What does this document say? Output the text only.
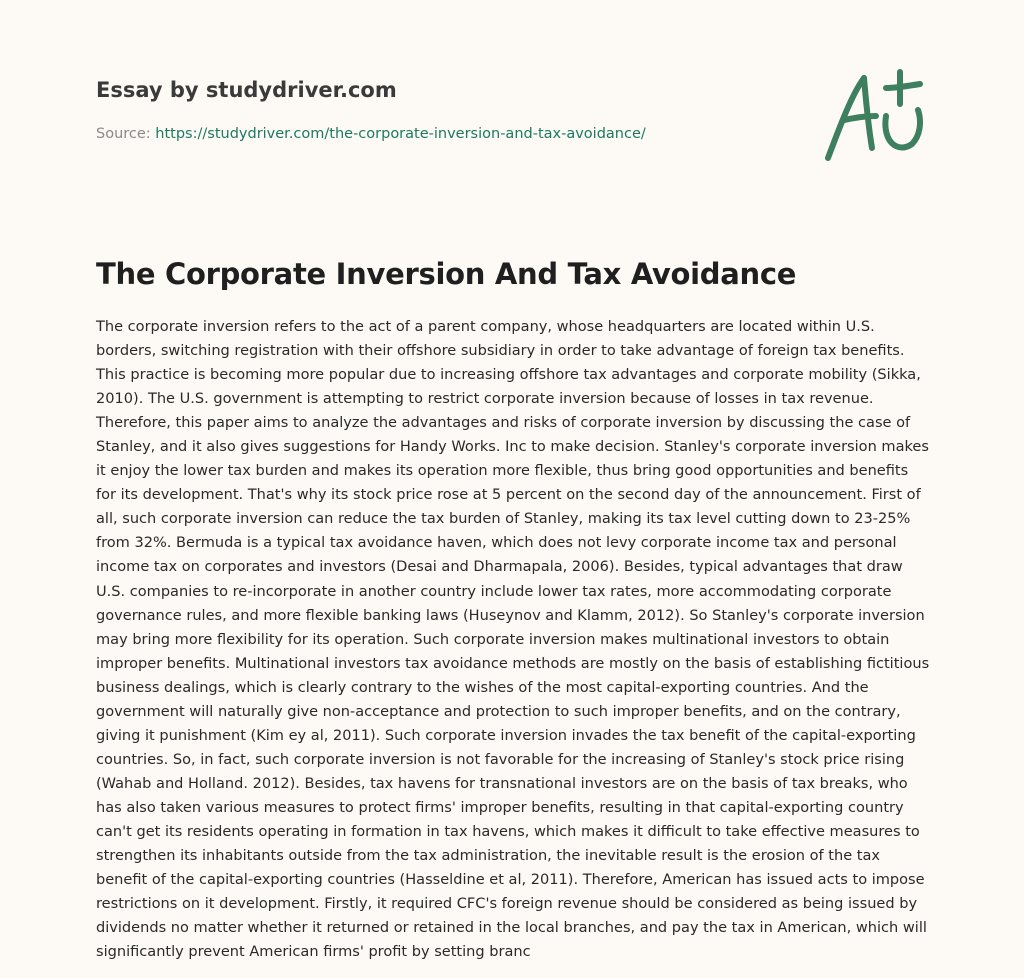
Essay by studydriver.com
Source: https://studydriver.com/the-corporate-inversion-and-tax-avoidance/
The Corporate Inversion And Tax Avoidance

The corporate inversion refers to the act of a parent company, whose headquarters are located within U.S. borders, switching registration with their offshore subsidiary in order to take advantage of foreign tax benefits. This practice is becoming more popular due to increasing offshore tax advantages and corporate mobility (Sikka, 2010). The U.S. government is attempting to restrict corporate inversion because of losses in tax revenue. Therefore, this paper aims to analyze the advantages and risks of corporate inversion by discussing the case of Stanley, and it also gives suggestions for Handy Works. Inc to make decision. Stanley's corporate inversion makes it enjoy the lower tax burden and makes its operation more flexible, thus bring good opportunities and benefits for its development. That's why its stock price rose at 5 percent on the second day of the announcement. First of all, such corporate inversion can reduce the tax burden of Stanley, making its tax level cutting down to 23-25% from 32%. Bermuda is a typical tax avoidance haven, which does not levy corporate income tax and personal income tax on corporates and investors (Desai and Dharmapala, 2006). Besides, typical advantages that draw U.S. companies to re-incorporate in another country include lower tax rates, more accommodating corporate governance rules, and more flexible banking laws (Huseynov and Klamm, 2012). So Stanley's corporate inversion may bring more flexibility for its operation. Such corporate inversion makes multinational investors to obtain improper benefits. Multinational investors tax avoidance methods are mostly on the basis of establishing fictitious business dealings, which is clearly contrary to the wishes of the most capital-exporting countries. And the government will naturally give non-acceptance and protection to such improper benefits, and on the contrary, giving it punishment (Kim ey al, 2011). Such corporate inversion invades the tax benefit of the capital-exporting countries. So, in fact, such corporate inversion is not favorable for the increasing of Stanley's stock price rising (Wahab and Holland. 2012). Besides, tax havens for transnational investors are on the basis of tax breaks, who has also taken various measures to protect firms' improper benefits, resulting in that capital-exporting country can't get its residents operating in formation in tax havens, which makes it difficult to take effective measures to strengthen its inhabitants outside from the tax administration, the inevitable result is the erosion of the tax benefit of the capital-exporting countries (Hasseldine et al, 2011). Therefore, American has issued acts to impose restrictions on it development. Firstly, it required CFC's foreign revenue should be considered as being issued by dividends no matter whether it returned or retained in the local branches, and pay the tax in American, which will significantly prevent American firms' profit by setting branc
